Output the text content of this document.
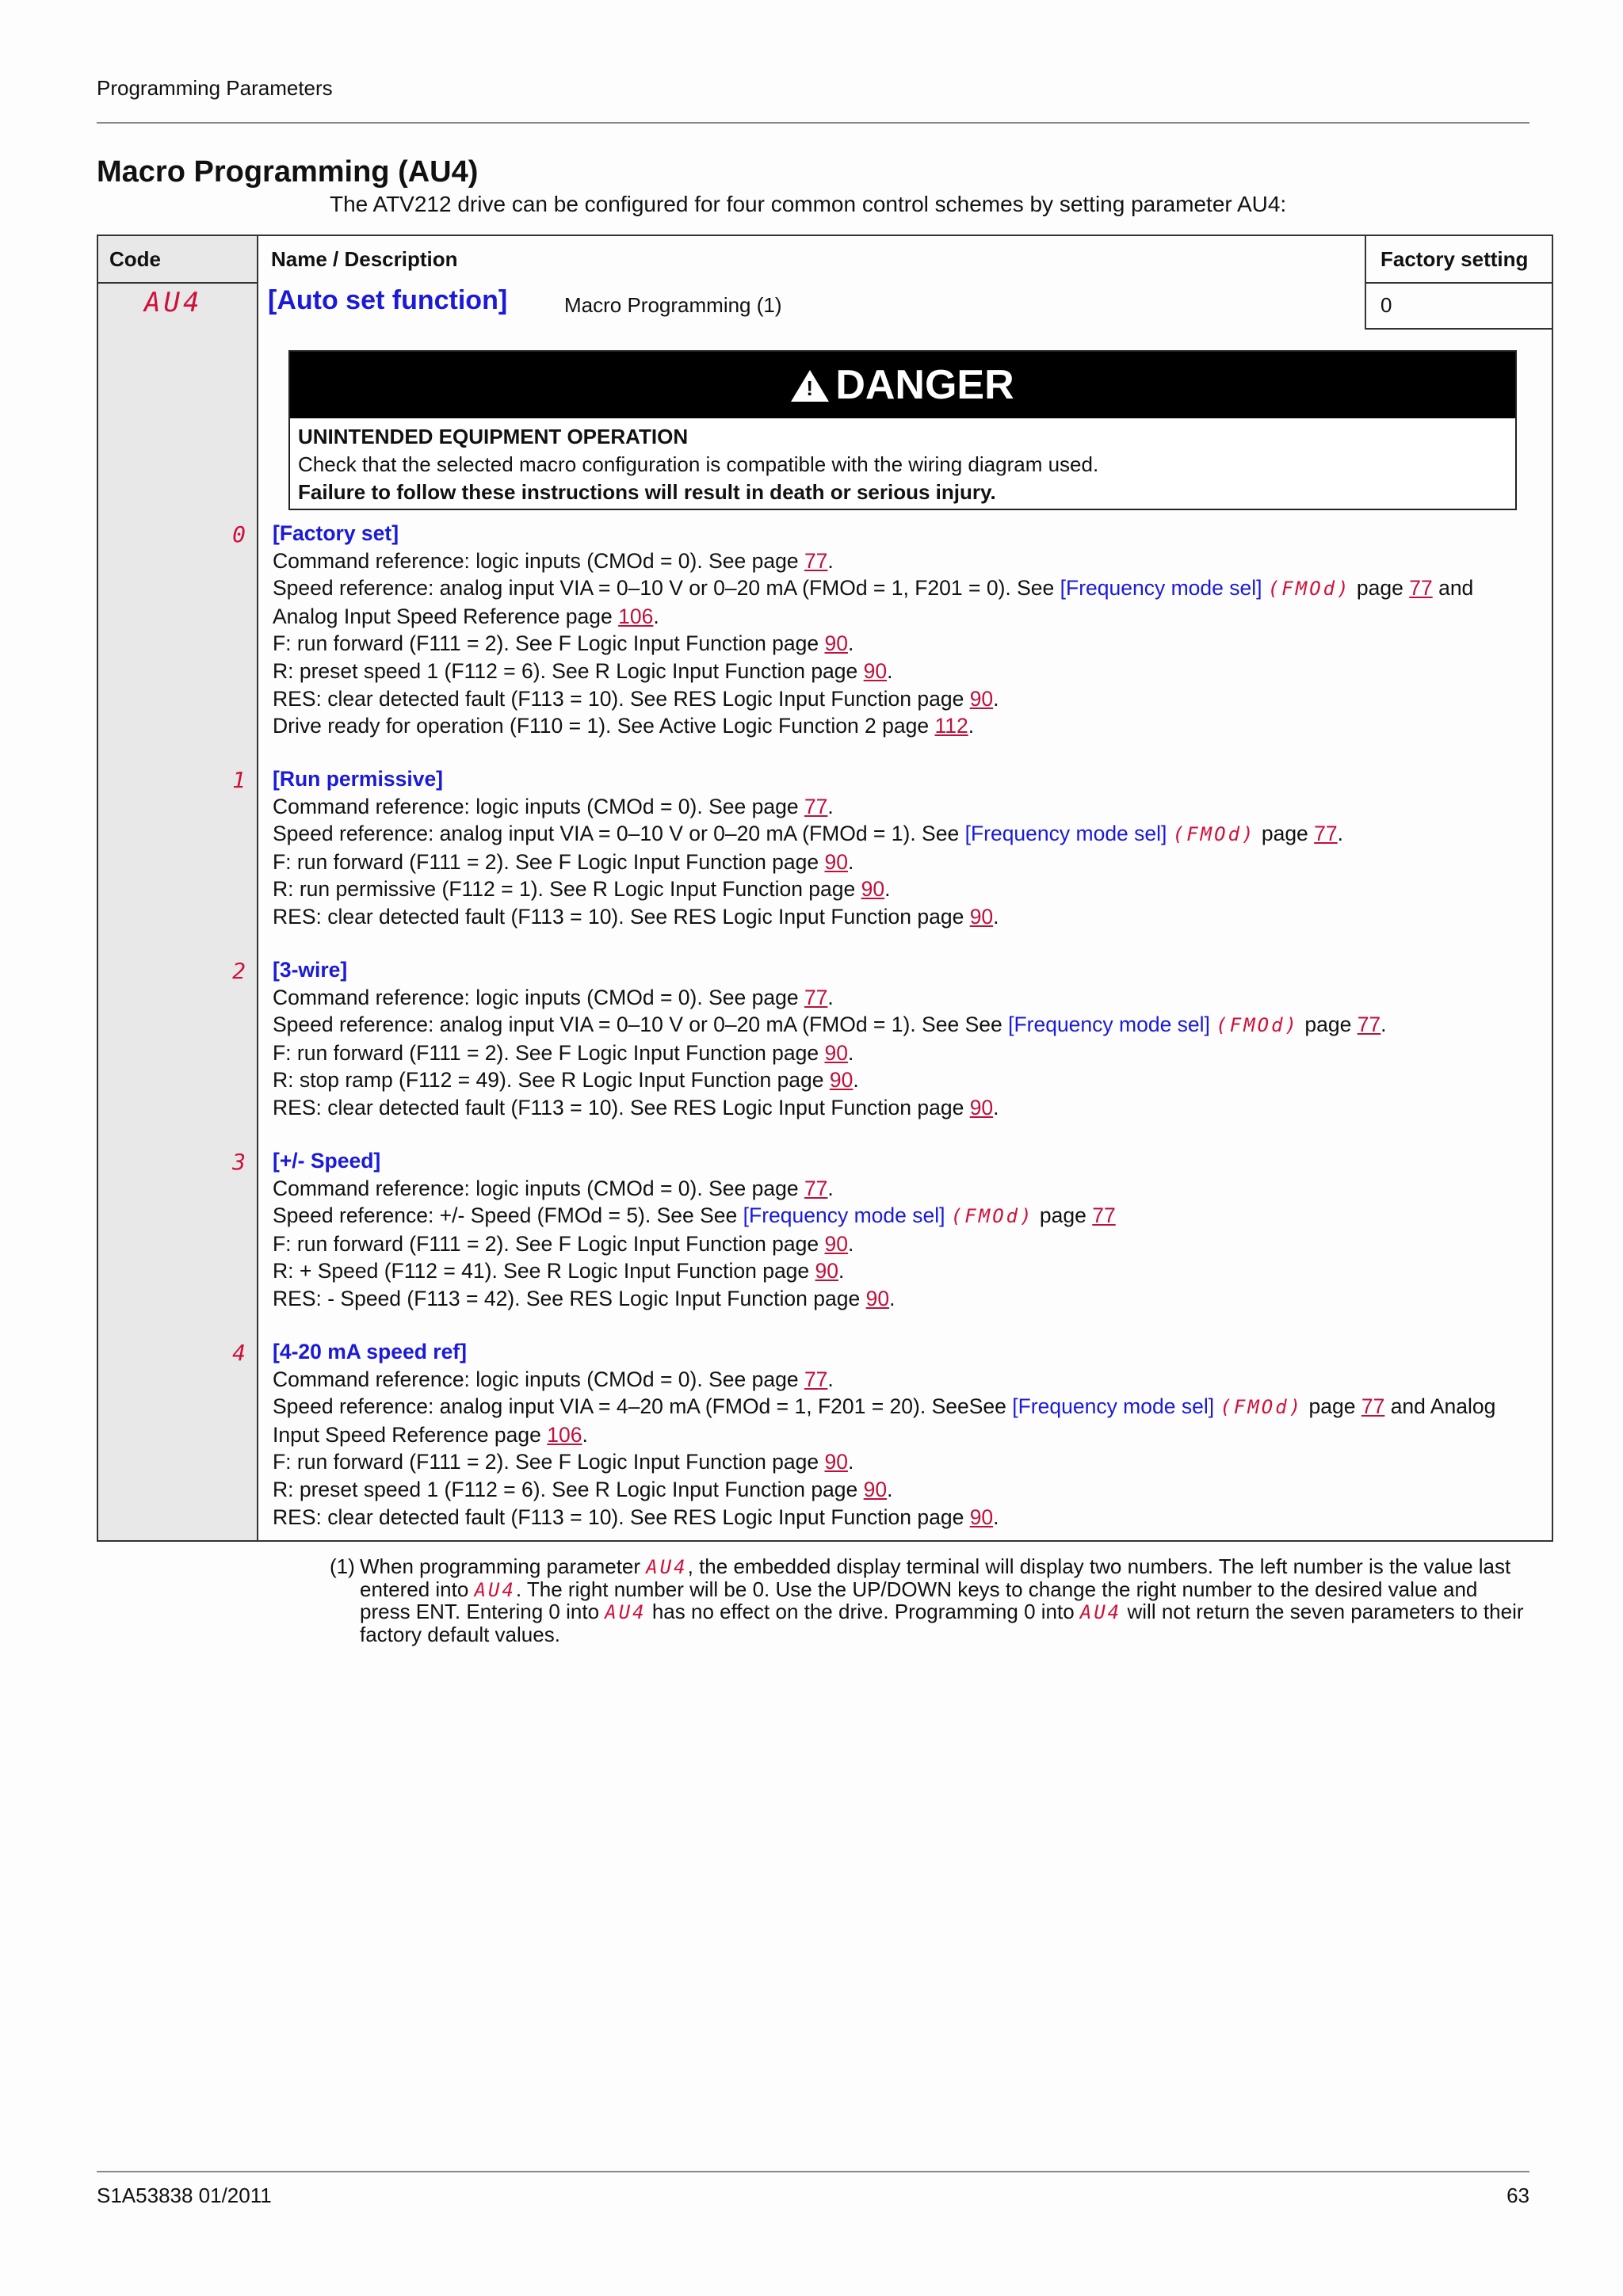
Programming Parameters
Macro Programming (AU4)
The ATV212 drive can be configured for four common control schemes by setting parameter AU4:
Code	Name / Description	Factory setting
AU4 [Auto set function]	Macro Programming (1)	0
! DANGER
UNINTENDED EQUIPMENT OPERATION
Check that the selected macro configuration is compatible with the wiring diagram used.
Failure to follow these instructions will result in death or serious injury.
0 [Factory set]
Command reference: logic inputs (CMOd = 0). See page 77.
Speed reference: analog input VIA = 0–10 V or 0–20 mA (FMOd = 1, F201 = 0). See [Frequency mode sel] (FMOd) page 77 and
Analog Input Speed Reference page 106.
F: run forward (F111 = 2). See F Logic Input Function page 90.
R: preset speed 1 (F112 = 6). See R Logic Input Function page 90.
RES: clear detected fault (F113 = 10). See RES Logic Input Function page 90.
Drive ready for operation (F110 = 1). See Active Logic Function 2 page 112.
1 [Run permissive]
Command reference: logic inputs (CMOd = 0). See page 77.
Speed reference: analog input VIA = 0–10 V or 0–20 mA (FMOd = 1). See [Frequency mode sel] (FMOd) page 77.
F: run forward (F111 = 2). See F Logic Input Function page 90.
R: run permissive (F112 = 1). See R Logic Input Function page 90.
RES: clear detected fault (F113 = 10). See RES Logic Input Function page 90.
2 [3-wire]
Command reference: logic inputs (CMOd = 0). See page 77.
Speed reference: analog input VIA = 0–10 V or 0–20 mA (FMOd = 1). See See [Frequency mode sel] (FMOd) page 77.
F: run forward (F111 = 2). See F Logic Input Function page 90.
R: stop ramp (F112 = 49). See R Logic Input Function page 90.
RES: clear detected fault (F113 = 10). See RES Logic Input Function page 90.
3 [+/- Speed]
Command reference: logic inputs (CMOd = 0). See page 77.
Speed reference: +/- Speed (FMOd = 5). See See [Frequency mode sel] (FMOd) page 77
F: run forward (F111 = 2). See F Logic Input Function page 90.
R: + Speed (F112 = 41). See R Logic Input Function page 90.
RES: - Speed (F113 = 42). See RES Logic Input Function page 90.
4 [4-20 mA speed ref]
Command reference: logic inputs (CMOd = 0). See page 77.
Speed reference: analog input VIA = 4–20 mA (FMOd = 1, F201 = 20). SeeSee [Frequency mode sel] (FMOd) page 77 and Analog
Input Speed Reference page 106.
F: run forward (F111 = 2). See F Logic Input Function page 90.
R: preset speed 1 (F112 = 6). See R Logic Input Function page 90.
RES: clear detected fault (F113 = 10). See RES Logic Input Function page 90.
(1) When programming parameter AU4, the embedded display terminal will display two numbers. The left number is the value last entered into AU4. The right number will be 0. Use the UP/DOWN keys to change the right number to the desired value and press ENT. Entering 0 into AU4 has no effect on the drive. Programming 0 into AU4 will not return the seven parameters to their factory default values.
S1A53838 01/2011	63
